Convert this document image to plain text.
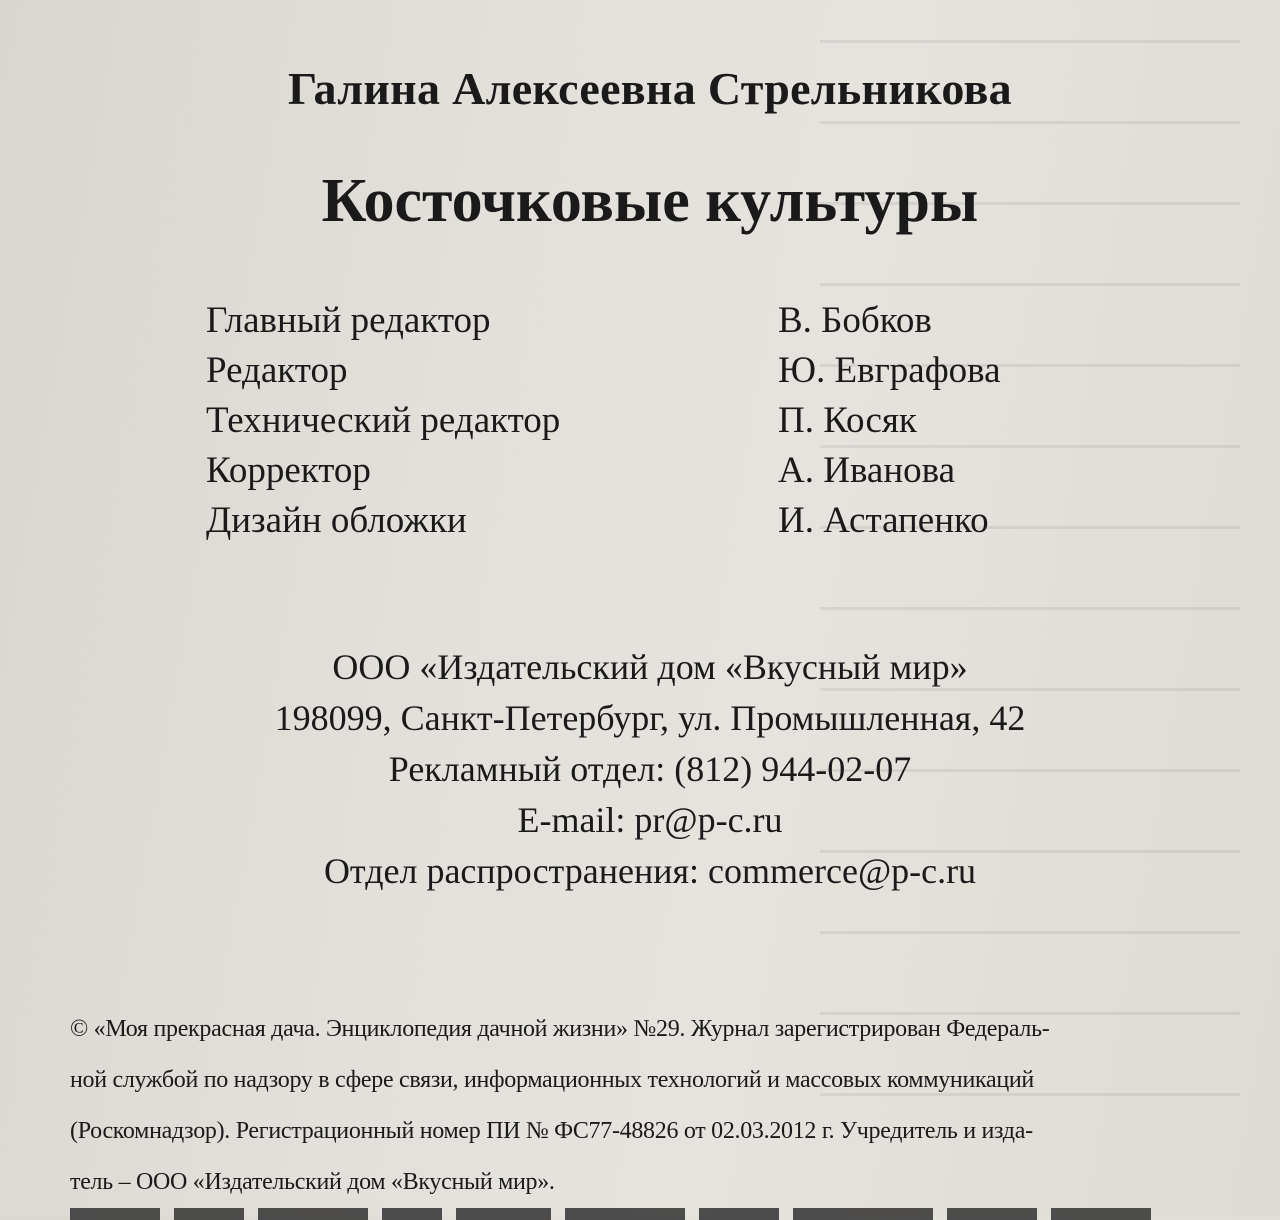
Галина Алексеевна Стрельникова
Косточковые культуры
Главный редактор	В. Бобков
Редактор	Ю. Евграфова
Технический редактор	П. Косяк
Корректор	А. Иванова
Дизайн обложки	И. Астапенко
ООО «Издательский дом «Вкусный мир»
198099, Санкт-Петербург, ул. Промышленная, 42
Рекламный отдел: (812) 944-02-07
E-mail: pr@p-c.ru
Отдел распространения: commerce@p-c.ru
© «Моя прекрасная дача. Энциклопедия дачной жизни» №29. Журнал зарегистрирован Федераль-
ной службой по надзору в сфере связи, информационных технологий и массовых коммуникаций
(Роскомнадзор). Регистрационный номер ПИ № ФС77-48826 от 02.03.2012 г. Учредитель и изда-
тель – ООО «Издательский дом «Вкусный мир».
